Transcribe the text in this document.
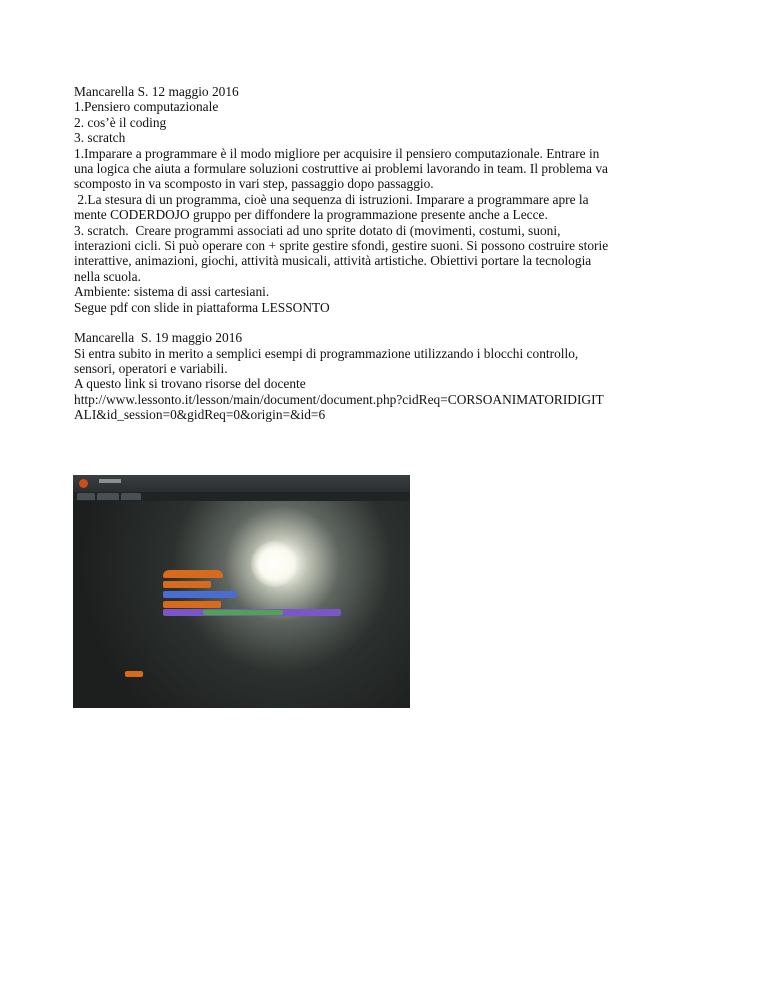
Mancarella S. 12 maggio 2016
1.Pensiero computazionale
2. cos’è il coding
3. scratch
1.Imparare a programmare è il modo migliore per acquisire il pensiero computazionale. Entrare in
una logica che aiuta a formulare soluzioni costruttive ai problemi lavorando in team. Il problema va
scomposto in va scomposto in vari step, passaggio dopo passaggio.
2.La stesura di un programma, cioè una sequenza di istruzioni. Imparare a programmare apre la
mente CODERDOJO gruppo per diffondere la programmazione presente anche a Lecce.
3. scratch.  Creare programmi associati ad uno sprite dotato di (movimenti, costumi, suoni,
interazioni cicli. Si può operare con + sprite gestire sfondi, gestire suoni. Si possono costruire storie
interattive, animazioni, giochi, attività musicali, attività artistiche. Obiettivi portare la tecnologia
nella scuola.
Ambiente: sistema di assi cartesiani.
Segue pdf con slide in piattaforma LESSONTO
Mancarella  S. 19 maggio 2016
Si entra subito in merito a semplici esempi di programmazione utilizzando i blocchi controllo,
sensori, operatori e variabili.
A questo link si trovano risorse del docente
http://www.lessonto.it/lesson/main/document/document.php?cidReq=CORSOANIMATORIDIGIT
ALI&id_session=0&gidReq=0&origin=&id=6
